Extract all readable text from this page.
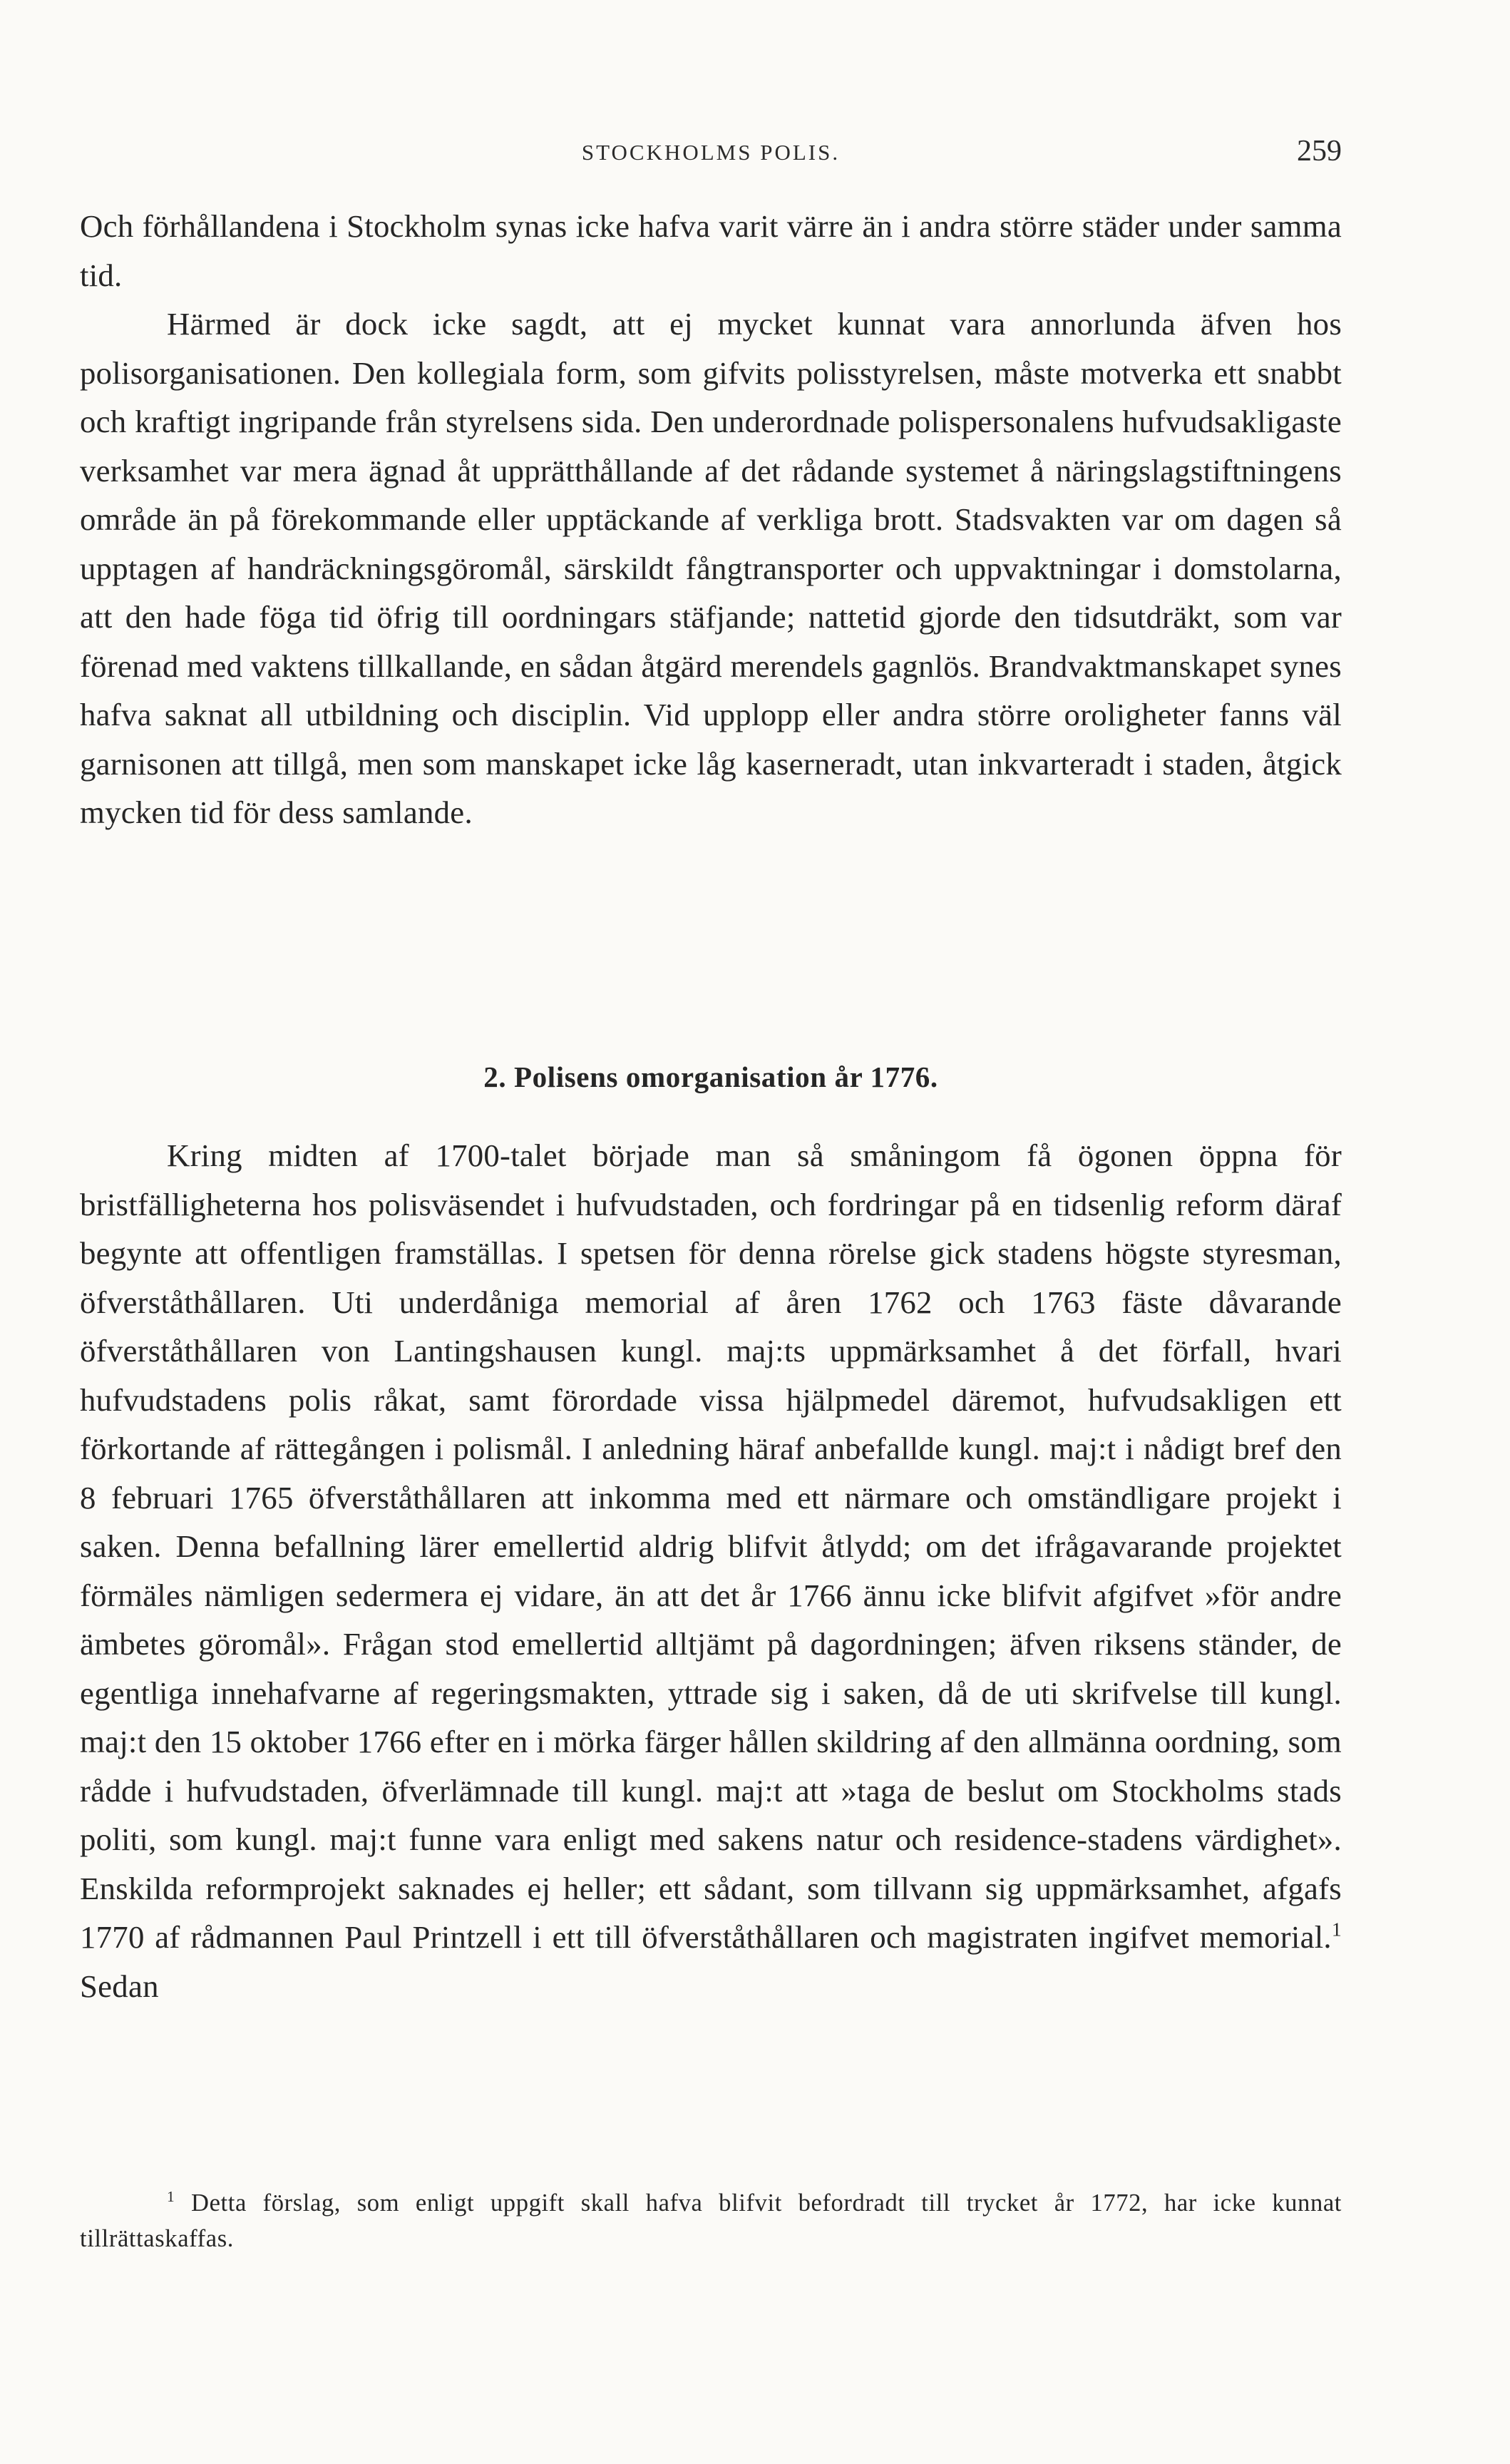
STOCKHOLMS POLIS.	259

Och förhållandena i Stockholm synas icke hafva varit värre än i andra större städer under samma tid.

Härmed är dock icke sagdt, att ej mycket kunnat vara annorlunda äfven hos polisorganisationen. Den kollegiala form, som gifvits polisstyrelsen, måste motverka ett snabbt och kraftigt ingripande från styrelsens sida. Den underordnade polispersonalens hufvudsakligaste verksamhet var mera ägnad åt upprätthållande af det rådande systemet å näringslagstiftningens område än på förekommande eller upptäckande af verkliga brott. Stadsvakten var om dagen så upptagen af handräckningsgöromål, särskildt fångtransporter och uppvaktningar i domstolarna, att den hade föga tid öfrig till oordningars stäfjande; nattetid gjorde den tidsutdräkt, som var förenad med vaktens tillkallande, en sådan åtgärd merendels gagnlös. Brandvaktmanskapet synes hafva saknat all utbildning och disciplin. Vid upplopp eller andra större oroligheter fanns väl garnisonen att tillgå, men som manskapet icke låg kaserneradt, utan inkvarteradt i staden, åtgick mycken tid för dess samlande.

2. Polisens omorganisation år 1776.

Kring midten af 1700-talet började man så småningom få ögonen öppna för bristfälligheterna hos polisväsendet i hufvudstaden, och fordringar på en tidsenlig reform däraf begynte att offentligen framställas. I spetsen för denna rörelse gick stadens högste styresman, öfverståthållaren. Uti underdåniga memorial af åren 1762 och 1763 fäste dåvarande öfverståthållaren von Lantingshausen kungl. maj:ts uppmärksamhet å det förfall, hvari hufvudstadens polis råkat, samt förordade vissa hjälpmedel däremot, hufvudsakligen ett förkortande af rättegången i polismål. I anledning häraf anbefallde kungl. maj:t i nådigt bref den 8 februari 1765 öfverståthållaren att inkomma med ett närmare och omständligare projekt i saken. Denna befallning lärer emellertid aldrig blifvit åtlydd; om det ifrågavarande projektet förmäles nämligen sedermera ej vidare, än att det år 1766 ännu icke blifvit afgifvet »för andre ämbetes göromål». Frågan stod emellertid alltjämt på dagordningen; äfven riksens ständer, de egentliga innehafvarne af regeringsmakten, yttrade sig i saken, då de uti skrifvelse till kungl. maj:t den 15 oktober 1766 efter en i mörka färger hållen skildring af den allmänna oordning, som rådde i hufvudstaden, öfverlämnade till kungl. maj:t att »taga de beslut om Stockholms stads politi, som kungl. maj:t funne vara enligt med sakens natur och residence-stadens värdighet». Enskilda reformprojekt saknades ej heller; ett sådant, som tillvann sig uppmärksamhet, afgafs 1770 af rådmannen Paul Printzell i ett till öfverståthållaren och magistraten ingifvet memorial.$^1$ Sedan

$^1$ Detta förslag, som enligt uppgift skall hafva blifvit befordradt till trycket år 1772, har icke kunnat tillrättaskaffas.
